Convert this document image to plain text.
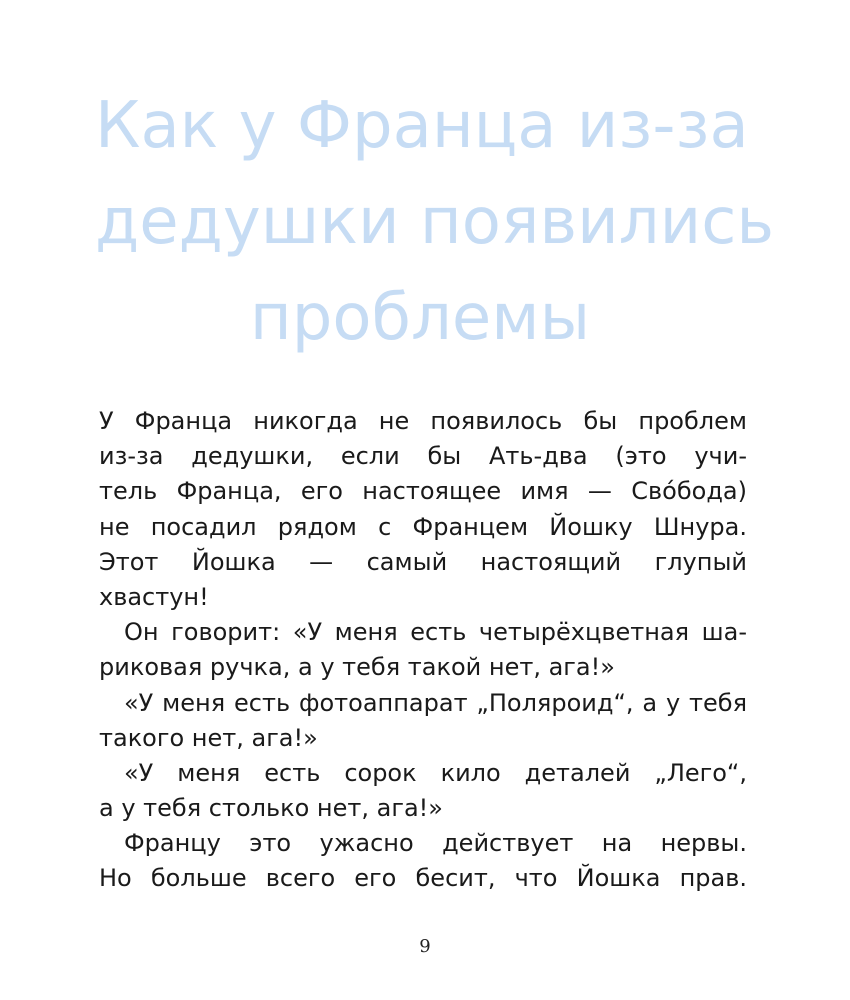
Как у Франца из-за
дедушки появились
проблемы
У Франца никогда не появилось бы проблем
из-за дедушки, если бы Ать-два (это учи-
тель Франца, его настоящее имя — Свóбода)
не посадил рядом с Францем Йошку Шнура.
Этот Йошка — самый настоящий глупый
хвастун!
Он говорит: «У меня есть четырёхцветная ша-
риковая ручка, а у тебя такой нет, ага!»
«У меня есть фотоаппарат „Поляроид“, а у тебя
такого нет, ага!»
«У меня есть сорок кило деталей „Лего“,
а у тебя столько нет, ага!»
Францу это ужасно действует на нервы.
Но больше всего его бесит, что Йошка прав.
9
